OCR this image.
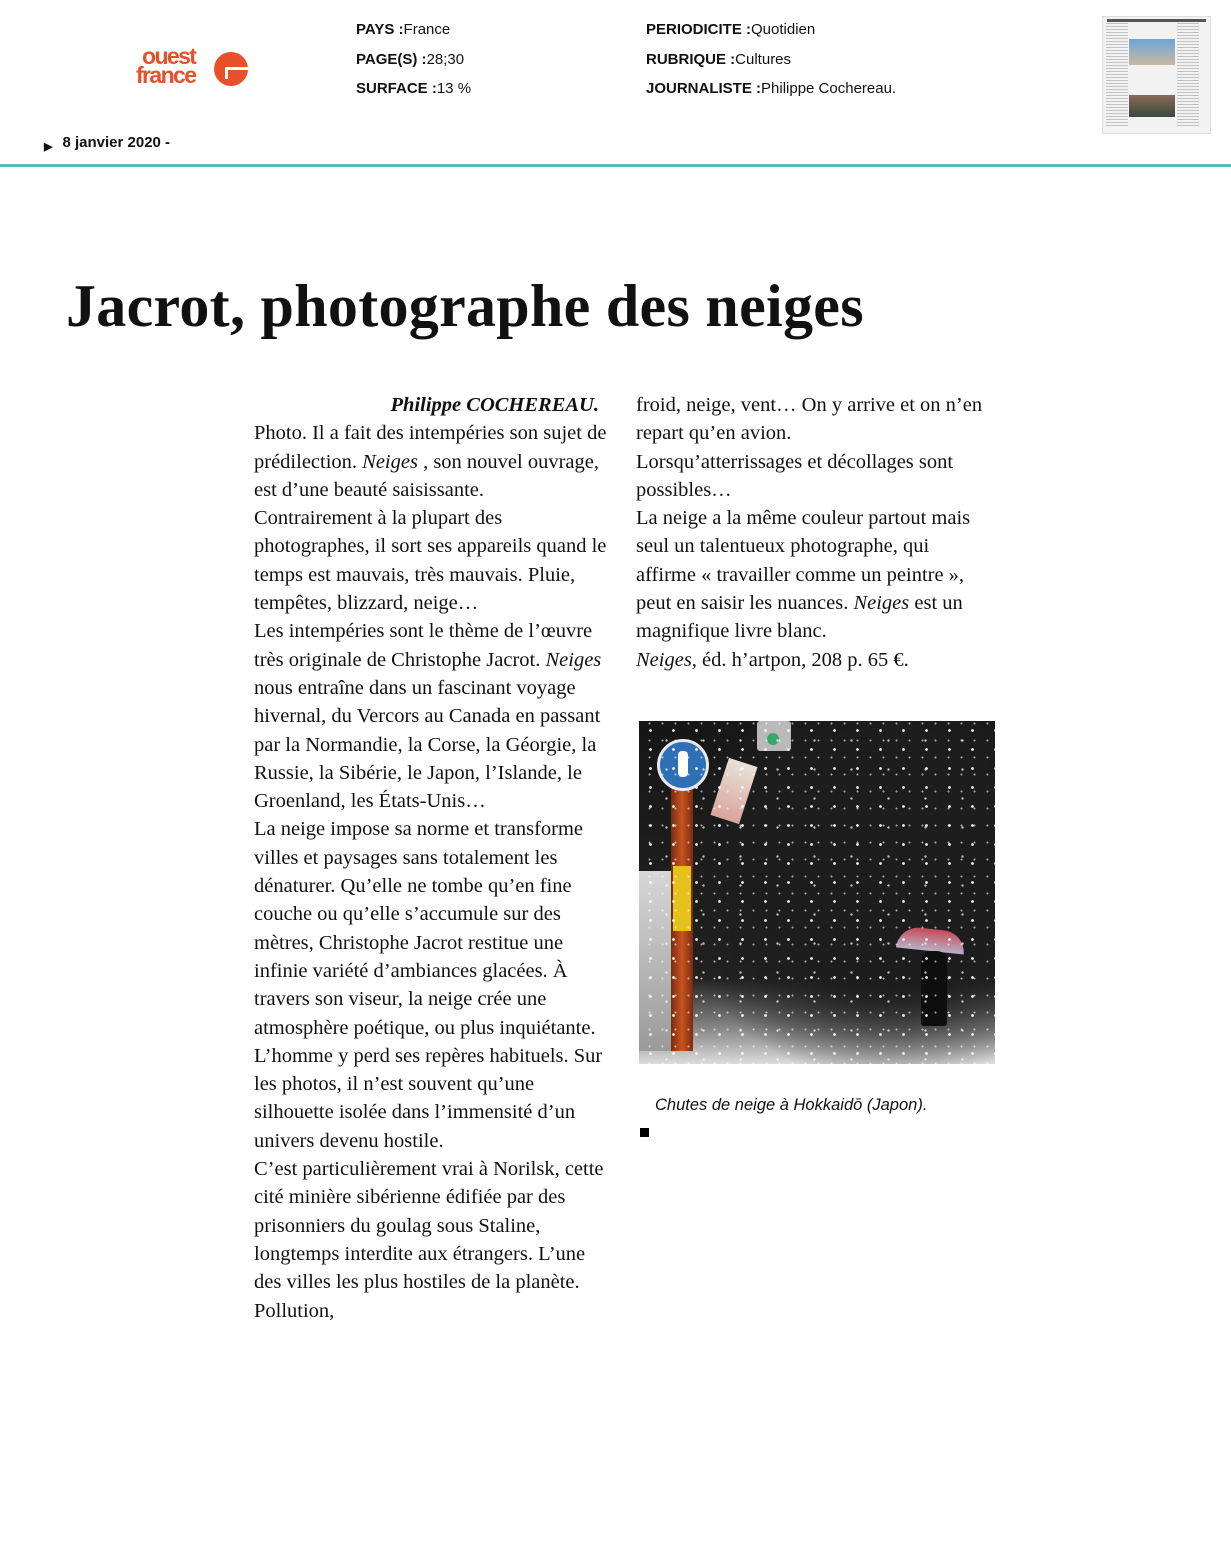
ouest
france
PAYS :France
PAGE(S) :28;30
SURFACE :13 %
PERIODICITE :Quotidien
RUBRIQUE :Cultures
JOURNALISTE :Philippe Cochereau.
▶ 8 janvier 2020 -
Jacrot, photographe des neiges

Philippe COCHEREAU.

Photo. Il a fait des intempéries son sujet de prédilection. Neiges , son nouvel ouvrage, est d’une beauté saisissante.

Contrairement à la plupart des photographes, il sort ses appareils quand le temps est mauvais, très mauvais. Pluie, tempêtes, blizzard, neige…

Les intempéries sont le thème de l’œuvre très originale de Christophe Jacrot. Neiges nous entraîne dans un fascinant voyage hivernal, du Vercors au Canada en passant par la Normandie, la Corse, la Géorgie, la Russie, la Sibérie, le Japon, l’Islande, le Groenland, les États-Unis…

La neige impose sa norme et transforme villes et paysages sans totalement les dénaturer. Qu’elle ne tombe qu’en fine couche ou qu’elle s’accumule sur des mètres, Christophe Jacrot restitue une infinie variété d’ambiances glacées. À travers son viseur, la neige crée une atmosphère poétique, ou plus inquiétante. L’homme y perd ses repères habituels. Sur les photos, il n’est souvent qu’une silhouette isolée dans l’immensité d’un univers devenu hostile.

C’est particulièrement vrai à Norilsk, cette cité minière sibérienne édifiée par des prisonniers du goulag sous Staline, longtemps interdite aux étrangers. L’une des villes les plus hostiles de la planète. Pollution,

froid, neige, vent… On y arrive et on n’en repart qu’en avion.

Lorsqu’atterrissages et décollages sont possibles…

La neige a la même couleur partout mais seul un talentueux photographe, qui affirme « travailler comme un peintre », peut en saisir les nuances. Neiges est un magnifique livre blanc.

Neiges, éd. h’artpon, 208 p. 65 €.

Chutes de neige à Hokkaidō (Japon).
